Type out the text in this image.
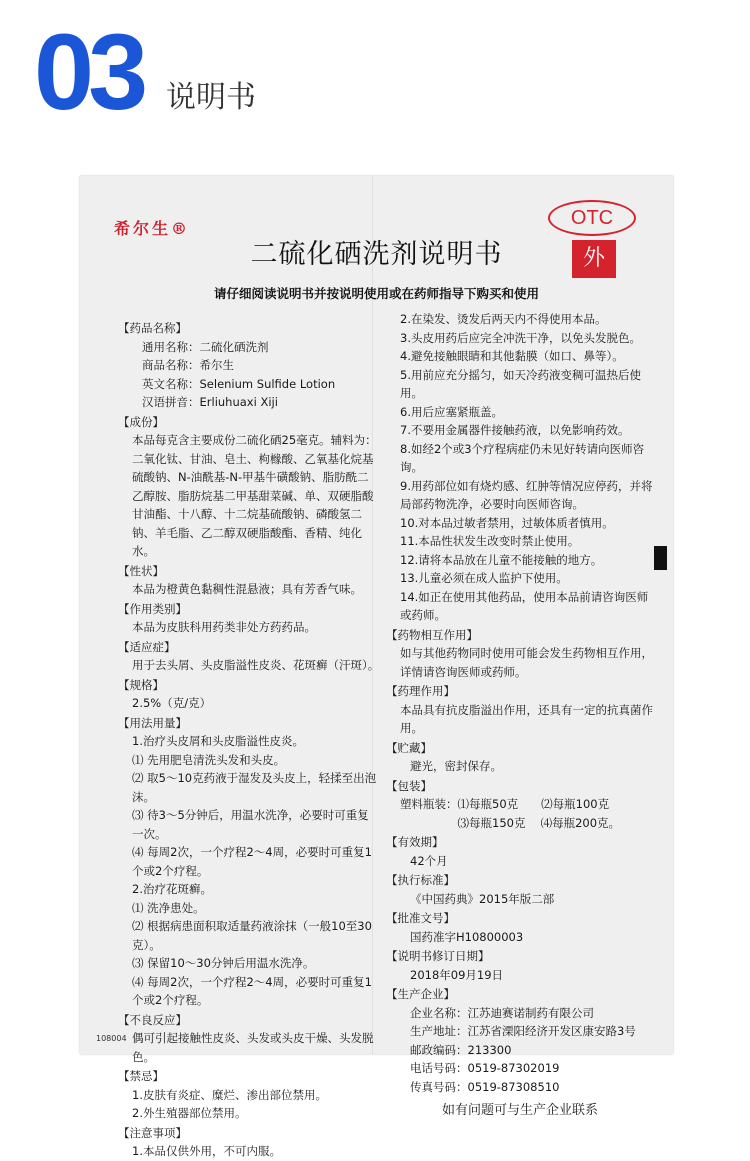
03 说明书
希尔生®	OTC
外
二硫化硒洗剂说明书
请仔细阅读说明书并按说明使用或在药师指导下购买和使用

【药品名称】

通用名称：二硫化硒洗剂

商品名称：希尔生

英文名称：Selenium Sulfide Lotion

汉语拼音：Erliuhuaxi Xiji

【成份】

本品每克含主要成份二硫化硒25毫克。辅料为：二氧化钛、甘油、皂土、枸橼酸、乙氧基化烷基硫酸钠、N-油酰基-N-甲基牛磺酸钠、脂肪酰二乙醇胺、脂肪烷基二甲基甜菜碱、单、双硬脂酸甘油酯、十八醇、十二烷基硫酸钠、磷酸氢二钠、羊毛脂、乙二醇双硬脂酸酯、香精、纯化水。

【性状】

本品为橙黄色黏稠性混悬液；具有芳香气味。

【作用类别】

本品为皮肤科用药类非处方药药品。

【适应症】

用于去头屑、头皮脂溢性皮炎、花斑癣（汗斑）。

【规格】

2.5%（克/克）

【用法用量】

1.治疗头皮屑和头皮脂溢性皮炎。

⑴ 先用肥皂清洗头发和头皮。

⑵ 取5～10克药液于湿发及头皮上，轻揉至出泡沫。

⑶ 待3～5分钟后，用温水洗净，必要时可重复一次。

⑷ 每周2次，一个疗程2～4周，必要时可重复1个或2个疗程。

2.治疗花斑癣。

⑴ 洗净患处。

⑵ 根据病患面积取适量药液涂抹（一般10至30克）。

⑶ 保留10～30分钟后用温水洗净。

⑷ 每周2次，一个疗程2～4周，必要时可重复1个或2个疗程。

【不良反应】

偶可引起接触性皮炎、头发或头皮干燥、头发脱色。

【禁忌】

1.皮肤有炎症、糜烂、渗出部位禁用。

2.外生殖器部位禁用。

【注意事项】

1.本品仅供外用，不可内服。

2.在染发、烫发后两天内不得使用本品。

3.头皮用药后应完全冲洗干净，以免头发脱色。

4.避免接触眼睛和其他黏膜（如口、鼻等）。

5.用前应充分摇匀，如天冷药液变稠可温热后使用。

6.用后应塞紧瓶盖。

7.不要用金属器件接触药液，以免影响药效。

8.如经2个或3个疗程病症仍未见好转请向医师咨询。

9.用药部位如有烧灼感、红肿等情况应停药，并将局部药物洗净，必要时向医师咨询。

10.对本品过敏者禁用，过敏体质者慎用。

11.本品性状发生改变时禁止使用。

12.请将本品放在儿童不能接触的地方。

13.儿童必须在成人监护下使用。

14.如正在使用其他药品，使用本品前请咨询医师或药师。

【药物相互作用】

如与其他药物同时使用可能会发生药物相互作用，详情请咨询医师或药师。

【药理作用】

本品具有抗皮脂溢出作用，还具有一定的抗真菌作用。

【贮藏】

避光，密封保存。

【包装】

塑料瓶装：⑴每瓶50克　　⑵每瓶100克

　　　　　⑶每瓶150克　 ⑷每瓶200克。

【有效期】

42个月

【执行标准】

《中国药典》2015年版二部

【批准文号】

国药准字H10800003

【说明书修订日期】

2018年09月19日

【生产企业】

企业名称：江苏迪赛诺制药有限公司

生产地址：江苏省溧阳经济开发区康安路3号

邮政编码：213300

电话号码：0519-87302019

传真号码：0519-87308510

如有问题可与生产企业联系

108004
